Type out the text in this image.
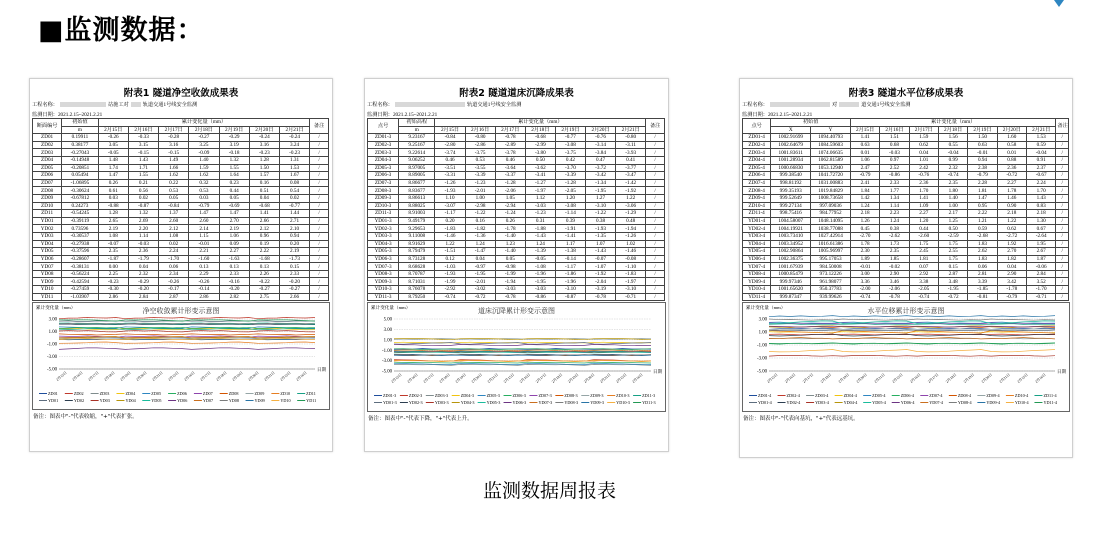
■监测数据：
附表1 隧道净空收敛成果表
工程名称：	站施工对	轨道交通1号线安全监测
监测日期：2021.2.15~2021.2.21
断面编号	初始值	累计变化量（mm）							备注
	m	2月15日	2月16日	2月17日	2月18日	2月19日	2月20日	2月21日	
ZD01	0.19911	-0.26	-0.33	-0.28	-0.27	-0.29	-0.24	-0.24	/
ZD02	0.38177	3.05	3.15	3.16	3.25	3.19	3.16	3.24	/
ZD03	-0.27043	-0.05	-0.15	-0.15	-0.09	-0.18	-0.23	-0.23	/
ZD04	-0.14948	1.48	1.43	1.49	1.40	1.32	1.28	1.31	/
ZD05	-0.20851	1.74	1.71	1.66	1.59	1.55	1.50	1.53	/
ZD06	0.05494	1.47	1.55	1.62	1.62	1.64	1.57	1.67	/
ZD07	-1.06895	0.26	0.21	0.22	0.32	0.23	0.16	0.08	/
ZD08	-0.30624	0.61	0.56	0.53	0.53	0.44	0.51	0.54	/
ZD09	-0.67812	0.03	0.02	0.05	0.03	0.05	0.04	0.02	/
ZD10	0.24273	-0.88	-0.87	-0.84	-0.79	-0.69	-0.68	-0.77	/
ZD11	-0.54245	1.28	1.32	1.37	1.47	1.47	1.41	1.44	/
YD01	-0.39119	2.65	2.69	2.60	2.60	2.70	2.66	2.71	/
YD02	0.73596	2.19	2.20	2.12	2.14	2.19	2.12	2.10	/
YD03	-0.30537	1.08	1.14	1.08	1.15	1.06	0.96	0.94	/
YD04	-0.27938	-0.07	-0.03	0.02	-0.01	0.09	0.19	0.20	/
YD05	-0.37596	2.35	2.36	2.24	2.21	2.27	2.22	2.19	/
YD06	-0.28607	-1.87	-1.79	-1.70	-1.60	-1.63	-1.68	-1.73	/
YD07	-0.38131	0.00	0.04	0.06	0.13	0.13	0.13	0.15	/
YD08	-0.56224	2.25	2.32	2.34	2.29	2.33	2.26	2.33	/
YD09	-0.42594	-0.23	-0.29	-0.26	-0.26	-0.16	-0.22	-0.20	/
YD10	-0.27459	-0.30	-0.20	-0.17	-0.14	-0.20	-0.27	-0.27	/
YD11	-1.03907	2.86	2.84	2.87	2.86	2.82	2.75	2.66	/
累计变化量（mm）	净空收敛累计形变示意图
3.00
1.00
-1.00
-3.00
-5.00
2月15日 2月16日 2月17日 2月18日 2月19日 2月20日 2月21日 2月15日 2月16日 2月17日 2月18日 2月19日 2月20日 2月21日 2月15日 2月16日
日期
ZD01	ZD02	ZD03	ZD04	ZD05	ZD06	ZD07	ZD08	ZD09	ZD10	ZD11
YD01	YD02	YD03	YD04	YD05	YD06	YD07	YD08	YD09	YD10	YD11
备注：图表中"-"代表收缩，"+"代表扩张。
附表2 隧道道床沉降成果表
工程名称：	轨道交通1号线安全监测
监测日期：2021.2.15~2021.2.21
点号	初始高程	累计变化量（mm）							备注
	m	2月15日	2月16日	2月17日	2月18日	2月19日	2月20日	2月21日	
ZD01-3	9.23167	-0.84	-0.80	-0.78	-0.68	-0.77	-0.76	-0.80	/
ZD02-3	9.25167	-2.80	-2.86	-2.89	-2.99	-3.08	-3.14	-3.11	/
ZD03-3	9.22614	-3.74	-3.75	-3.78	-3.80	-3.75	-3.84	-3.93	/
ZD04-3	9.06252	0.46	0.53	0.46	0.50	0.42	0.47	0.41	/
ZD05-3	8.97005	-3.51	-3.55	-3.64	-3.62	-3.70	-3.72	-3.77	/
ZD06-3	8.89005	-3.31	-3.39	-3.37	-3.41	-3.39	-3.42	-3.47	/
ZD07-3	8.86677	-1.26	-1.23	-1.28	-1.27	-1.28	-1.34	-1.42	/
ZD08-3	8.83677	-1.93	-2.01	-2.06	-1.97	-2.05	-1.95	-1.92	/
ZD09-3	8.86613	1.10	1.00	1.05	1.12	1.20	1.27	1.22	/
ZD10-3	8.88025	-3.07	-2.98	-2.94	-3.03	-3.08	-3.10	-3.06	/
ZD11-3	8.91003	-1.17	-1.22	-1.24	-1.23	-1.14	-1.22	-1.29	/
YD01-3	9.49179	0.20	0.16	0.26	0.31	0.39	0.38	0.48	/
YD02-3	9.29653	-1.83	-1.82	-1.78	-1.88	-1.91	-1.93	-1.94	/
YD03-3	9.11008	-1.46	-1.36	-1.40	-1.43	-1.41	-1.35	-1.26	/
YD04-3	8.91629	1.22	1.24	1.23	1.24	1.17	1.07	1.02	/
YD05-3	8.79479	-1.51	-1.47	-1.40	-1.39	-1.38	-1.43	-1.46	/
YD06-3	8.73128	0.12	0.04	0.05	-0.05	-0.14	-0.07	-0.08	/
YD07-3	8.68628	-1.03	-0.97	-0.98	-1.08	-1.17	-1.07	-1.10	/
YD08-3	8.70787	-1.93	-1.95	-1.99	-1.96	-1.86	-1.92	-1.83	/
YD09-3	8.71031	-1.99	-2.01	-1.94	-1.95	-1.96	-2.04	-1.97	/
YD10-3	8.76078	-2.92	-3.02	-3.03	-3.03	-3.10	-3.19	-3.10	/
YD11-3	8.79250	-0.74	-0.72	-0.78	-0.86	-0.87	-0.78	-0.71	/
累计变化量（mm）	道床沉降累计形变示意图
5.00
3.00
1.00
-1.00
-3.00
-5.00
2月15日 2月16日 2月17日 2月18日 2月19日 2月20日 2月21日 2月15日 2月16日 2月17日 2月18日 2月19日 2月20日 2月21日 2月15日 2月16日
日期
ZD01-3	ZD02-3	ZD03-3	ZD04-3	ZD05-3	ZD06-3	ZD07-3	ZD08-3	ZD09-3	ZD10-3	ZD11-3
YD01-3	YD02-3	YD03-3	YD04-3	YD05-3	YD06-3	YD07-3	YD08-3	YD09-3	YD10-3	YD11-3
备注：图表中"-"代表下降，"+"代表上升。
附表3 隧道水平位移成果表
工程名称：	对	道交通1号线安全监测
监测日期：2021.2.15~2021.2.21
点号	初始值		累计变化量（mm）							备注
	X	Y	2月15日	2月16日	2月17日	2月18日	2月19日	2月20日	2月21日	
ZD01-4	1002.91699	1094.40793	1.41	1.51	1.59	1.56	1.50	1.60	1.53	/
ZD02-4	1002.64679	1084.59603	0.63	0.68	0.62	0.55	0.63	0.58	0.59	/
ZD03-4	1001.83611	1074.06635	0.01	-0.03	0.04	-0.04	-0.01	0.01	-0.04	/
ZD04-4	1001.28934	1062.81589	1.06	0.97	1.01	0.99	0.94	0.88	0.91	/
ZD05-4	1000.66830	1053.12940	2.47	2.52	2.42	2.32	2.38	2.36	2.37	/
ZD06-4	999.38540	1041.72720	-0.79	-0.86	-0.76	-0.74	-0.79	-0.72	-0.67	/
ZD07-4	998.81192	1031.00883	2.41	2.33	2.36	2.35	2.28	2.27	2.24	/
ZD08-4	999.35193	1019.84829	1.84	1.77	1.70	1.80	1.81	1.78	1.70	/
ZD09-4	999.52649	1008.73658	1.42	1.34	1.41	1.40	1.47	1.46	1.43	/
ZD10-4	999.27134	997.09036	1.24	1.14	1.09	1.00	0.95	0.90	0.83	/
ZD11-4	998.75416	984.77952	2.18	2.23	2.27	2.17	2.22	2.18	2.18	/
YD01-4	1004.58007	1048.14095	1.26	1.24	1.20	1.25	1.21	1.22	1.30	/
YD02-4	1004.19921	1038.77088	0.45	0.38	0.44	0.50	0.59	0.62	0.67	/
YD03-4	1003.73410	1027.42914	-2.70	-2.62	-2.60	-2.59	-2.68	-2.72	-2.64	/
YD04-4	1003.34952	1016.61386	1.78	1.73	1.75	1.75	1.83	1.92	1.95	/
YD05-4	1002.90864	1005.96997	2.30	2.35	2.45	2.55	2.62	2.70	2.67	/
YD06-4	1002.36375	995.17053	1.89	1.85	1.81	1.75	1.83	1.82	1.87	/
YD07-4	1001.67939	984.50008	-0.01	-0.02	0.07	0.15	0.06	0.04	-0.06	/
YD08-4	1000.85479	973.12226	3.00	2.90	2.92	2.87	2.81	2.90	2.84	/
YD09-4	999.97346	961.98077	3.36	3.46	3.38	3.48	3.39	3.42	3.52	/
YD10-4	1001.65620	950.37783	-2.00	-2.06	-2.05	-1.95	-1.85	-1.78	-1.70	/
YD11-4	999.87347	939.99626	-0.74	-0.78	-0.74	-0.72	-0.81	-0.79	-0.71	/
累计变化量（mm）	水平位移累计形变示意图
3.00
1.00
-1.00
-3.00
-5.00
2月15日 2月16日 2月17日 2月18日 2月19日 2月20日 2月21日 2月15日 2月16日 2月17日 2月18日 2月19日 2月20日 2月21日 2月15日 2月16日
日期
ZD01-4	ZD02-4	ZD03-4	ZD04-4	ZD05-4	ZD06-4	ZD07-4	ZD08-4	ZD09-4	ZD10-4	ZD11-4
YD01-4	YD02-4	YD03-4	YD04-4	YD05-4	YD06-4	YD07-4	YD08-4	YD09-4	YD10-4	YD11-4
备注：图表中"-"代表向基坑，"+"代表远基坑。
监测数据周报表
